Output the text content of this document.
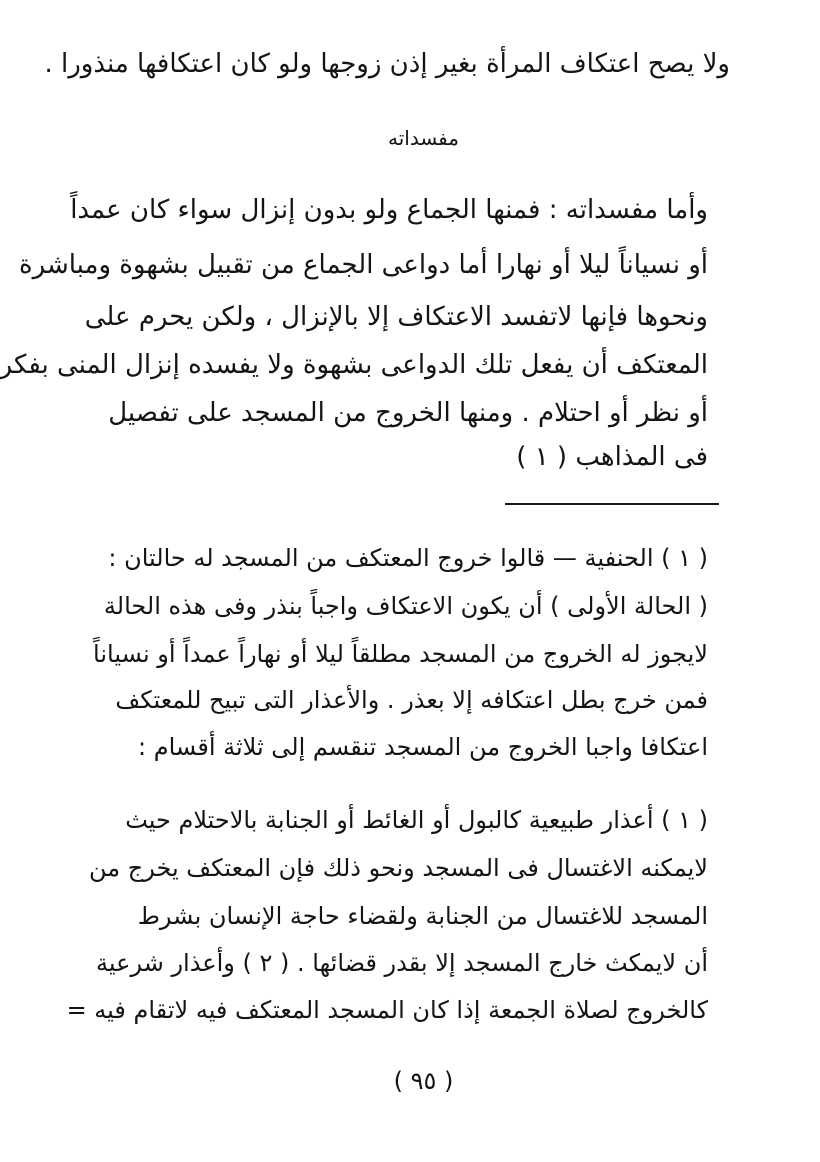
ولا يصح اعتكاف المرأة بغير إذن زوجها ولو كان اعتكافها منذورا .
مفسداته
وأما مفسداته : فمنها الجماع ولو بدون إنزال سواء كان عمداً
أو نسياناً ليلا أو نهارا أما دواعى الجماع من تقبيل بشهوة ومباشرة
ونحوها فإنها لاتفسد الاعتكاف إلا بالإنزال ، ولكن يحرم على
المعتكف أن يفعل تلك الدواعى بشهوة ولا يفسده إنزال المنى بفكر
أو نظر أو احتلام . ومنها الخروج من المسجد على تفصيل
فى المذاهب ( ١ )
( ١ ) الحنفية — قالوا خروج المعتكف من المسجد له حالتان :
( الحالة الأولى ) أن يكون الاعتكاف واجباً بنذر وفى هذه الحالة
لايجوز له الخروج من المسجد مطلقاً ليلا أو نهاراً عمداً أو نسياناً
فمن خرج بطل اعتكافه إلا بعذر . والأعذار التى تبيح للمعتكف
اعتكافا واجبا الخروج من المسجد تنقسم إلى ثلاثة أقسام :
( ١ ) أعذار طبيعية كالبول أو الغائط أو الجنابة بالاحتلام حيث
لايمكنه الاغتسال فى المسجد ونحو ذلك فإن المعتكف يخرج من
المسجد للاغتسال من الجنابة ولقضاء حاجة الإنسان بشرط
أن لايمكث خارج المسجد إلا بقدر قضائها . ( ٢ ) وأعذار شرعية
كالخروج لصلاة الجمعة إذا كان المسجد المعتكف فيه لاتقام فيه =
( ٩٥ )
